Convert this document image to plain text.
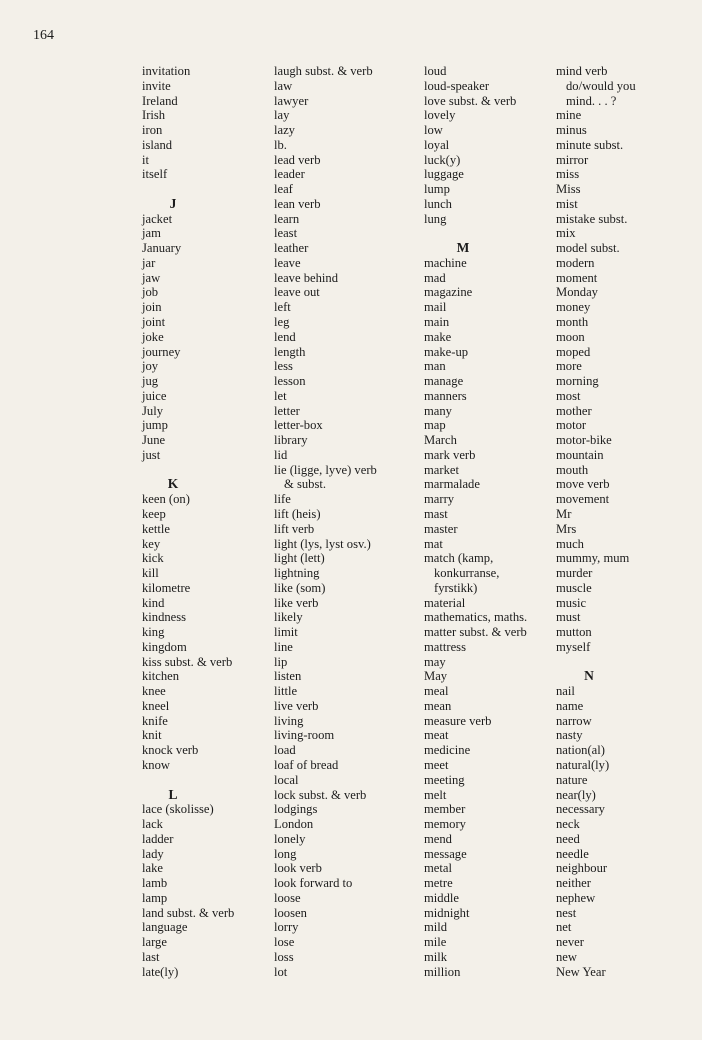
164
invitation
invite
Ireland
Irish
iron
island
it
itself
J
jacket
jam
January
jar
jaw
job
join
joint
joke
journey
joy
jug
juice
July
jump
June
just
K
keen (on)
keep
kettle
key
kick
kill
kilometre
kind
kindness
king
kingdom
kiss subst. & verb
kitchen
knee
kneel
knife
knit
knock verb
know
L
lace (skolisse)
lack
ladder
lady
lake
lamb
lamp
land subst. & verb
language
large
last
late(ly)
laugh subst. & verb
law
lawyer
lay
lazy
lb.
lead verb
leader
leaf
lean verb
learn
least
leather
leave
leave behind
leave out
left
leg
lend
length
less
lesson
let
letter
letter-box
library
lid
lie (ligge, lyve) verb
& subst.
life
lift (heis)
lift verb
light (lys, lyst osv.)
light (lett)
lightning
like (som)
like verb
likely
limit
line
lip
listen
little
live verb
living
living-room
load
loaf of bread
local
lock subst. & verb
lodgings
London
lonely
long
look verb
look forward to
loose
loosen
lorry
lose
loss
lot
loud
loud-speaker
love subst. & verb
lovely
low
loyal
luck(y)
luggage
lump
lunch
lung
M
machine
mad
magazine
mail
main
make
make-up
man
manage
manners
many
map
March
mark verb
market
marmalade
marry
mast
master
mat
match (kamp,
konkurranse,
fyrstikk)
material
mathematics, maths.
matter subst. & verb
mattress
may
May
meal
mean
measure verb
meat
medicine
meet
meeting
melt
member
memory
mend
message
metal
metre
middle
midnight
mild
mile
milk
million
mind verb
do/would you
mind. . . ?
mine
minus
minute subst.
mirror
miss
Miss
mist
mistake subst.
mix
model subst.
modern
moment
Monday
money
month
moon
moped
more
morning
most
mother
motor
motor-bike
mountain
mouth
move verb
movement
Mr
Mrs
much
mummy, mum
murder
muscle
music
must
mutton
myself
N
nail
name
narrow
nasty
nation(al)
natural(ly)
nature
near(ly)
necessary
neck
need
needle
neighbour
neither
nephew
nest
net
never
new
New Year
